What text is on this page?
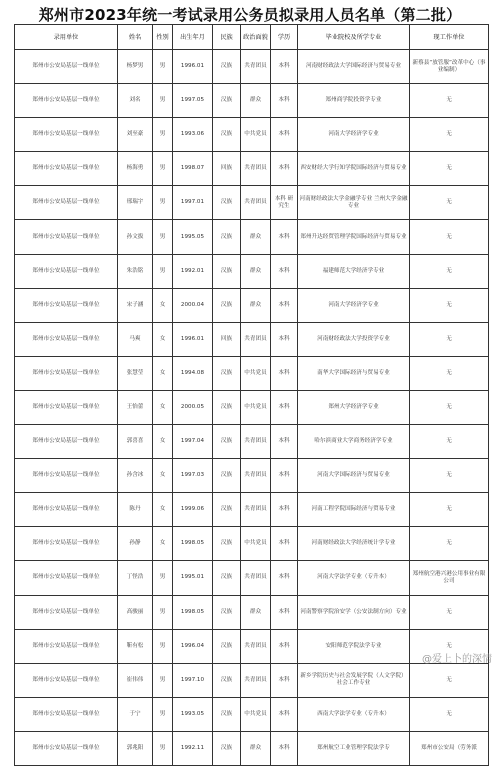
郑州市2023年统一考试录用公务员拟录用人员名单（第二批）
录用单位	姓名	性别	出生年月	民族	政治面貌	学历	毕业院校及所学专业	现工作单位
郑州市公安局基层一线单位	杨梦男	男	1996.01	汉族	共青团员	本科	河南财经政法大学国际经济与贸易专业	新蔡县“放管服”改革中心（事业编制）
郑州市公安局基层一线单位	刘名	男	1997.05	汉族	群众	本科	郑州商学院投资学专业	无
郑州市公安局基层一线单位	刘至豪	男	1993.06	汉族	中共党员	本科	河南大学经济学专业	无
郑州市公安局基层一线单位	杨海勇	男	1998.07	回族	共青团员	本科	西安财经大学行知学院国际经济与贸易专业	无
郑州市公安局基层一线单位	邢瑞宇	男	1997.01	汉族	共青团员	本科 研究生	河南财经政法大学金融学专业 兰州大学金融专业	无
郑州市公安局基层一线单位	孙文拔	男	1995.05	汉族	群众	本科	郑州升达经贸管理学院国际经济与贸易专业	无
郑州市公安局基层一线单位	朱浩铭	男	1992.01	汉族	群众	本科	福建师范大学经济学专业	无
郑州市公安局基层一线单位	宋子涵	女	2000.04	汉族	群众	本科	河南大学经济学专业	无
郑州市公安局基层一线单位	马爽	女	1996.01	回族	共青团员	本科	河南财经政法大学投资学专业	无
郑州市公安局基层一线单位	张慧莹	女	1994.08	汉族	中共党员	本科	南华大学国际经济与贸易专业	无
郑州市公安局基层一线单位	王怡蕾	女	2000.05	汉族	中共党员	本科	郑州大学经济学专业	无
郑州市公安局基层一线单位	郭喜喜	女	1997.04	汉族	共青团员	本科	哈尔滨商业大学商务经济学专业	无
郑州市公安局基层一线单位	孙含冰	女	1997.03	汉族	共青团员	本科	河南大学国际经济与贸易专业	无
郑州市公安局基层一线单位	陈丹	女	1999.06	汉族	共青团员	本科	河南工程学院国际经济与贸易专业	无
郑州市公安局基层一线单位	孙静	女	1998.05	汉族	中共党员	本科	河南财经政法大学经济统计学专业	无
郑州市公安局基层一线单位	丁怪浩	男	1995.01	汉族	共青团员	本科	河南大学法学专业（专升本）	郑州航空港兴港公用事业有限公司
郑州市公安局基层一线单位	高骏丽	男	1998.05	汉族	群众	本科	河南警察学院治安学（公安法制方向）专业	无
郑州市公安局基层一线单位	靳有松	男	1996.04	汉族	共青团员	本科	安阳师范学院法学专业	无
郑州市公安局基层一线单位	崔伟伟	男	1997.10	汉族	共青团员	本科	新乡学院历史与社会发展学院（人文学院）社会工作专业	无
郑州市公安局基层一线单位	于宁	男	1993.05	汉族	中共党员	本科	西南大学法学专业（专升本）	无
郑州市公安局基层一线单位	郭兆阳	男	1992.11	汉族	群众	本科	郑州航空工业管理学院法学专	郑州市公安局（劳务派
@爱上卜的深情
